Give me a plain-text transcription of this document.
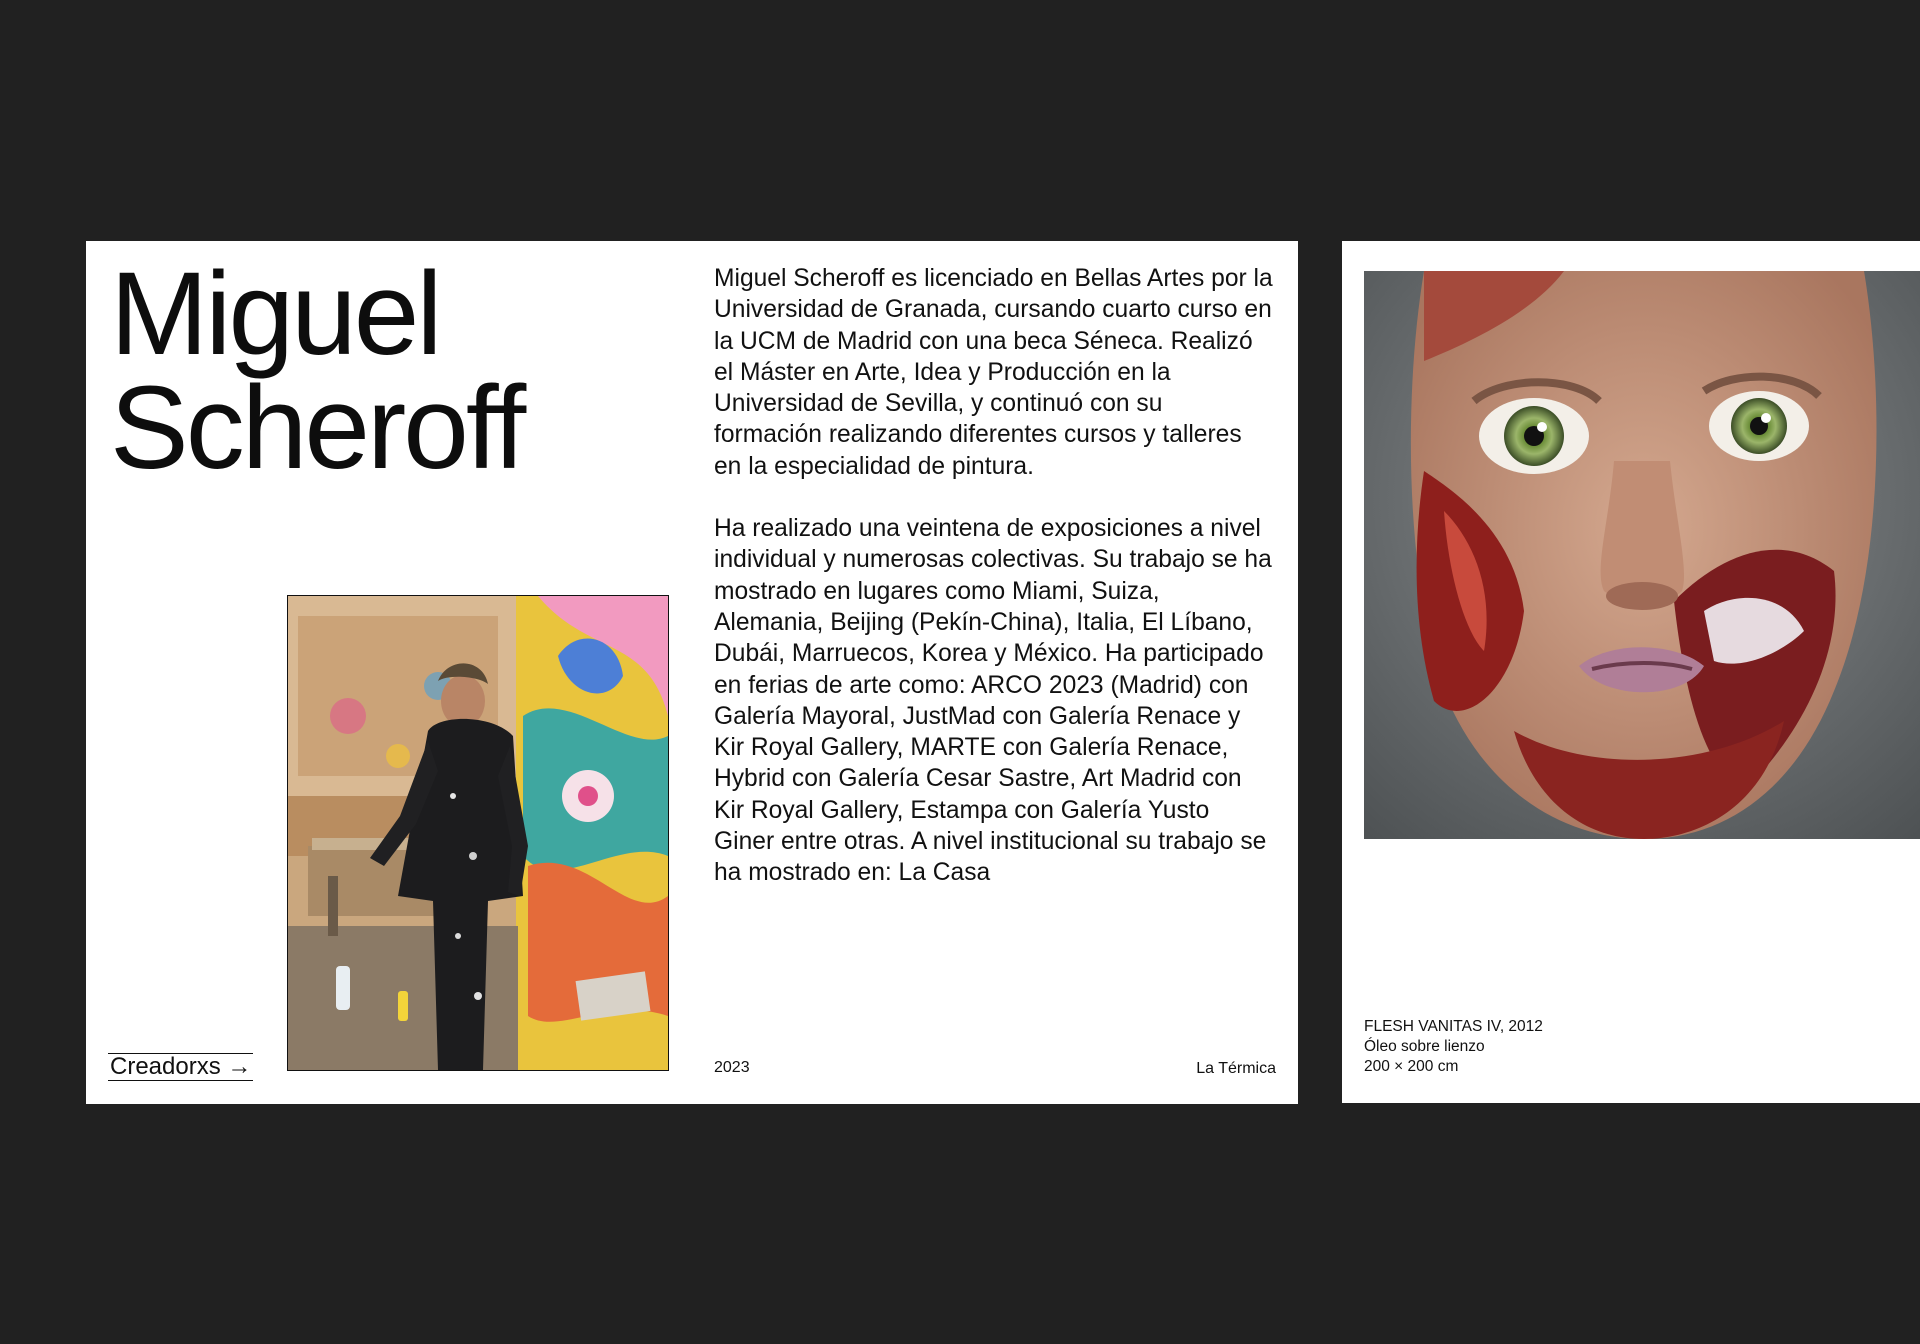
Miguel
Scheroff

Miguel Scheroff es licenciado en Bellas Artes por la Universidad de Granada, cursando cuarto curso en la UCM de Madrid con una beca Séneca. Realizó el Máster en Arte, Idea y Producción en la Universidad de Sevilla, y continuó con su formación realizando diferentes cursos y talleres en la especialidad de pintura.

Ha realizado una veintena de exposiciones a nivel individual y numerosas colectivas. Su trabajo se ha mostrado en lugares como Miami, Suiza, Alemania, Beijing (Pekín-China), Italia, El Líbano, Dubái, Marruecos, Korea y México. Ha participado en ferias de arte como: ARCO 2023 (Madrid) con Galería Mayoral, JustMad con Galería Renace y Kir Royal Gallery, MARTE con Galería Renace, Hybrid con Galería Cesar Sastre, Art Madrid con Kir Royal Gallery, Estampa con Galería Yusto Giner entre otras. A nivel institucional su trabajo se ha mostrado en: La Casa

Creadorxs →	2023	La Térmica
FLESH VANITAS IV, 2012
Óleo sobre lienzo
200 × 200 cm
